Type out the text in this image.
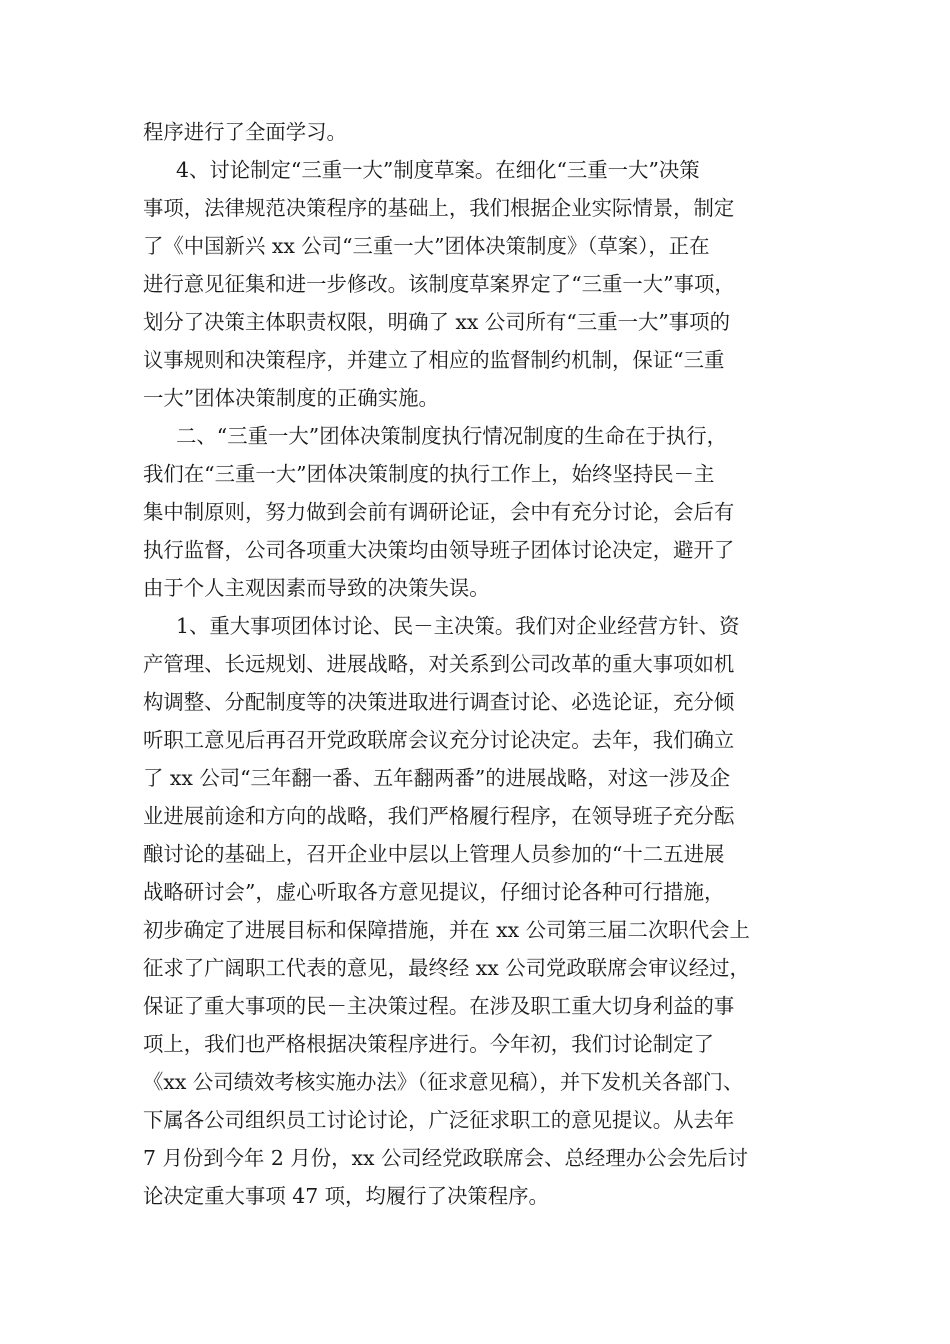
程序进行了全面学习。
4、讨论制定“三重一大”制度草案。在细化“三重一大”决策
事项，法律规范决策程序的基础上，我们根据企业实际情景，制定
了《中国新兴 xx 公司“三重一大”团体决策制度》（草案），正在
进行意见征集和进一步修改。该制度草案界定了“三重一大”事项，
划分了决策主体职责权限，明确了 xx 公司所有“三重一大”事项的
议事规则和决策程序，并建立了相应的监督制约机制，保证“三重
一大”团体决策制度的正确实施。
二、“三重一大”团体决策制度执行情况制度的生命在于执行，
我们在“三重一大”团体决策制度的执行工作上，始终坚持民－主
集中制原则，努力做到会前有调研论证，会中有充分讨论，会后有
执行监督，公司各项重大决策均由领导班子团体讨论决定，避开了
由于个人主观因素而导致的决策失误。
1、重大事项团体讨论、民－主决策。我们对企业经营方针、资
产管理、长远规划、进展战略，对关系到公司改革的重大事项如机
构调整、分配制度等的决策进取进行调查讨论、必选论证，充分倾
听职工意见后再召开党政联席会议充分讨论决定。去年，我们确立
了 xx 公司“三年翻一番、五年翻两番”的进展战略，对这一涉及企
业进展前途和方向的战略，我们严格履行程序，在领导班子充分酝
酿讨论的基础上，召开企业中层以上管理人员参加的“十二五进展
战略研讨会”，虚心听取各方意见提议，仔细讨论各种可行措施，
初步确定了进展目标和保障措施，并在 xx 公司第三届二次职代会上
征求了广阔职工代表的意见，最终经 xx 公司党政联席会审议经过，
保证了重大事项的民－主决策过程。在涉及职工重大切身利益的事
项上，我们也严格根据决策程序进行。今年初，我们讨论制定了
《xx 公司绩效考核实施办法》（征求意见稿），并下发机关各部门、
下属各公司组织员工讨论讨论，广泛征求职工的意见提议。从去年
7 月份到今年 2 月份，xx 公司经党政联席会、总经理办公会先后讨
论决定重大事项 47 项，均履行了决策程序。
